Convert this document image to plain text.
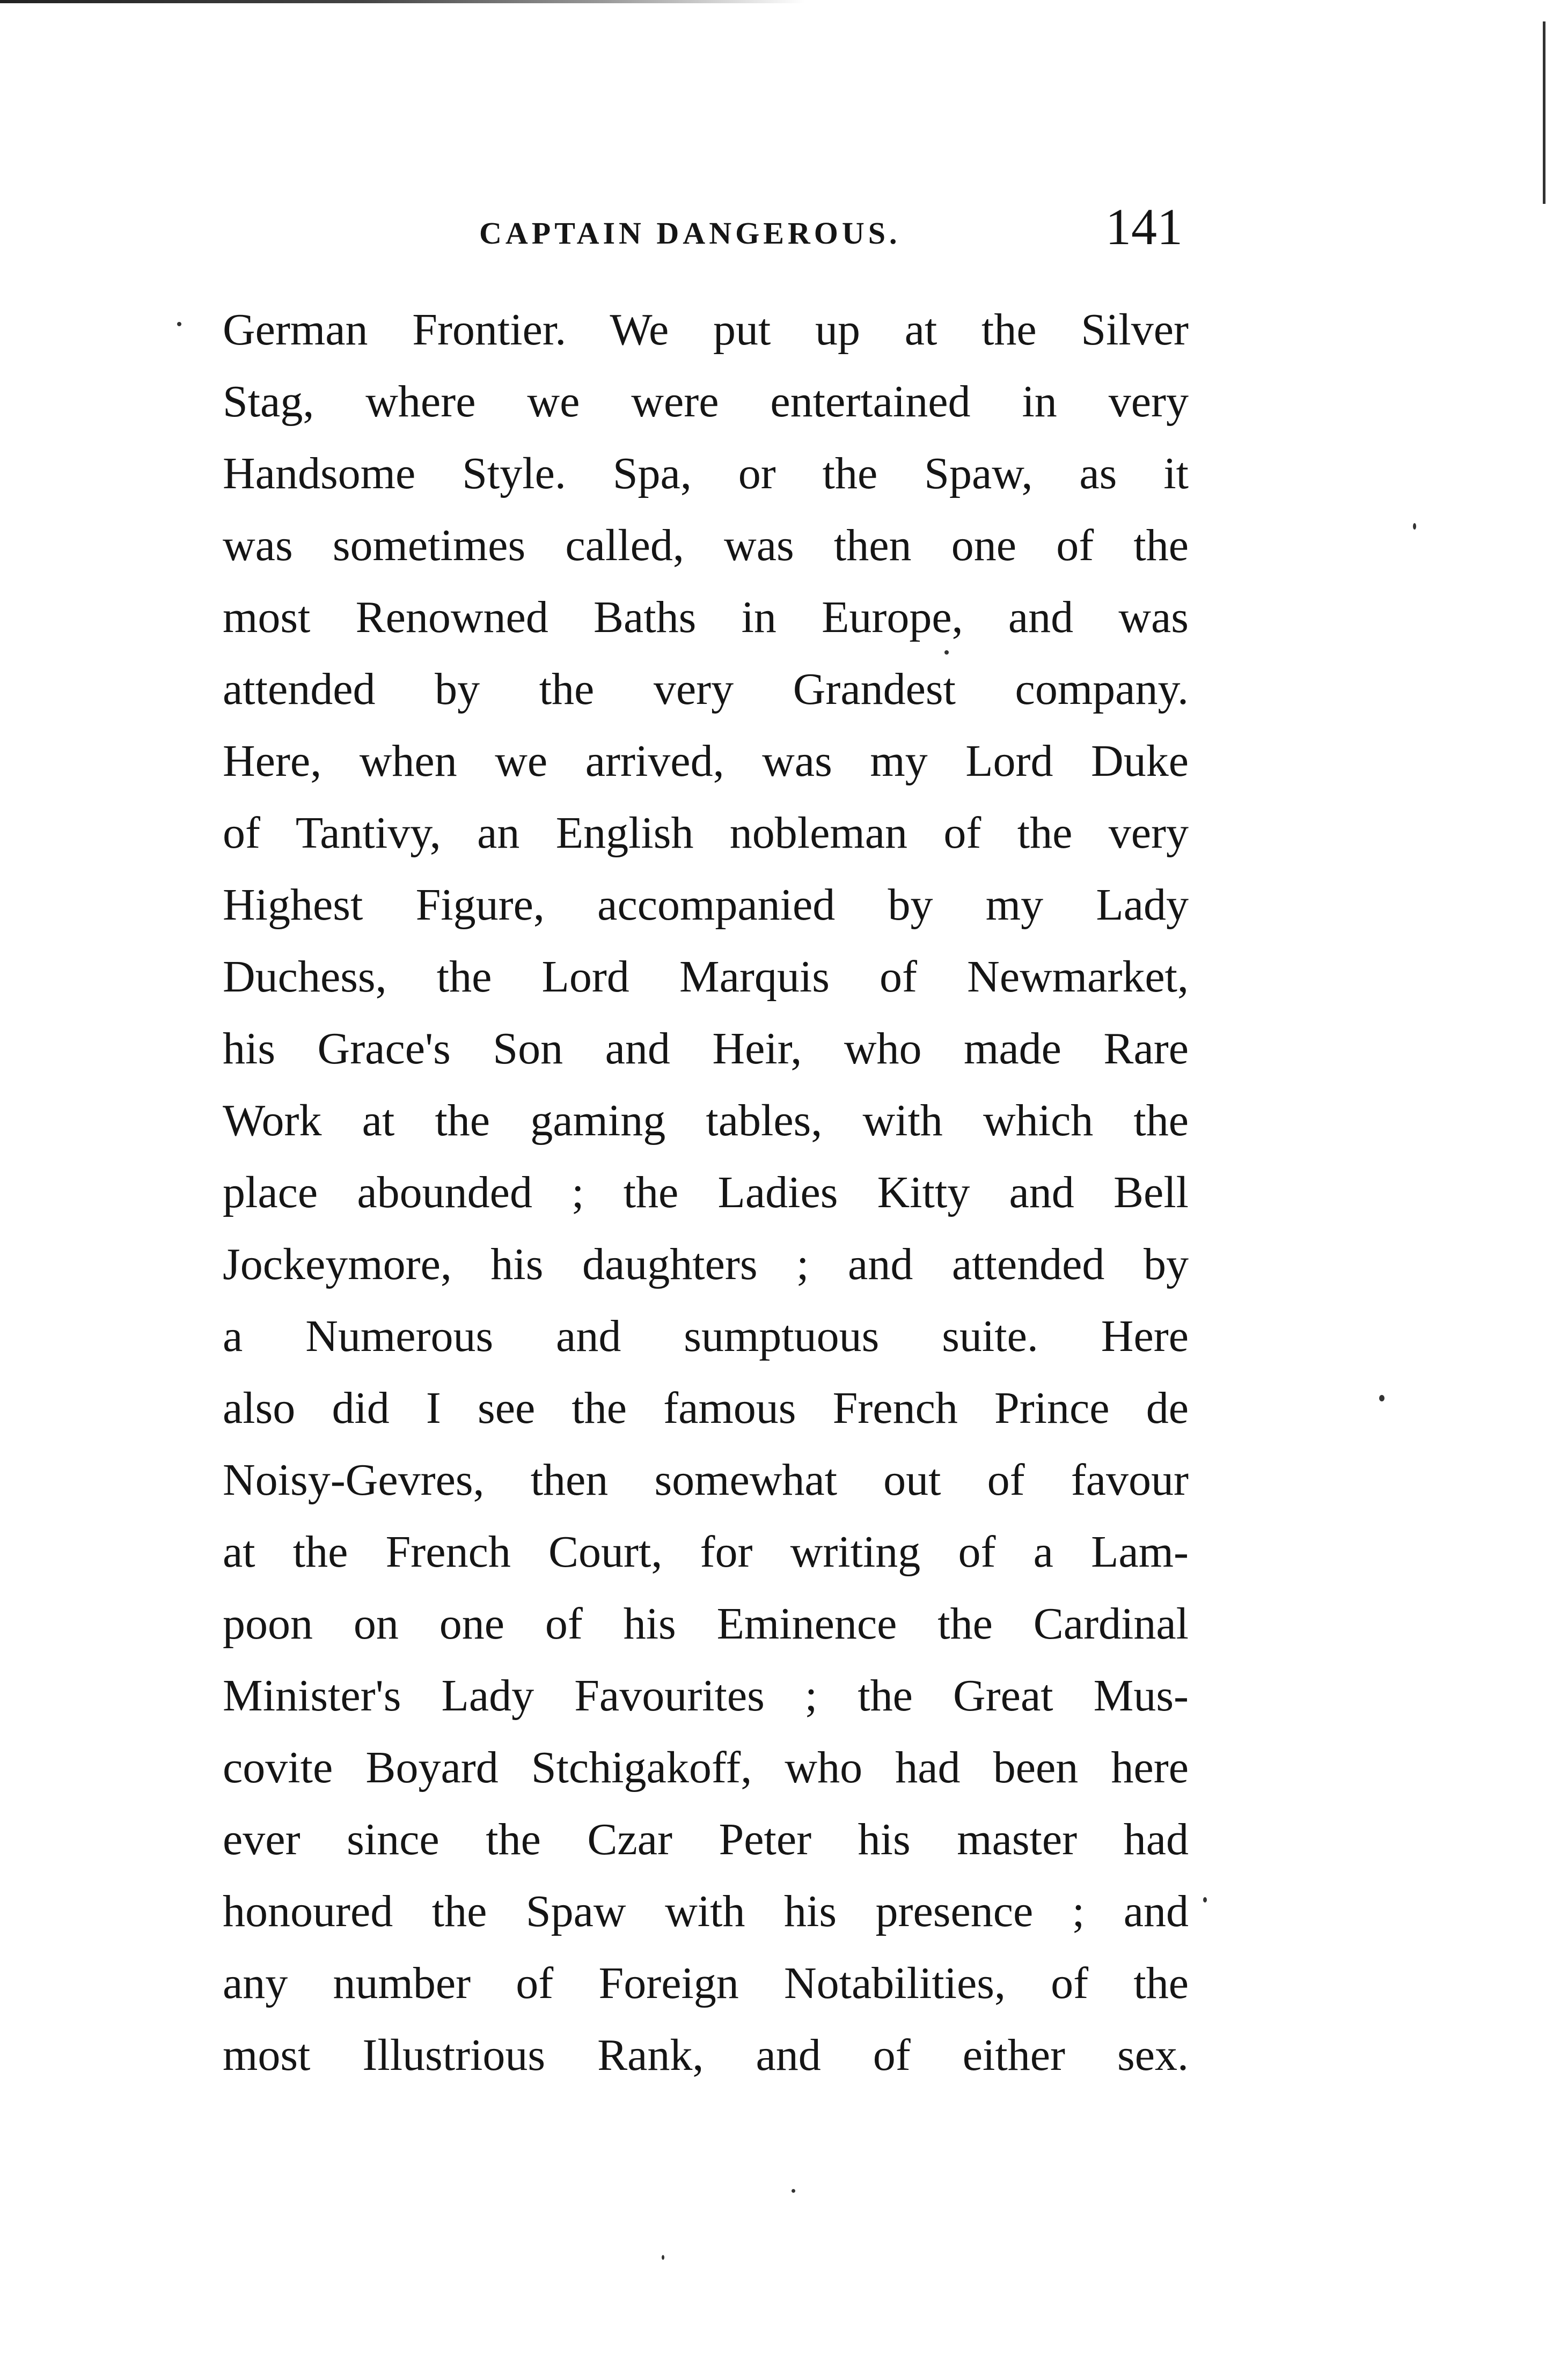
CAPTAIN DANGEROUS.	141
German Frontier. We put up at the Silver
Stag, where we were entertained in very
Handsome Style. Spa, or the Spaw, as it
was sometimes called, was then one of the
most Renowned Baths in Europe, and was
attended by the very Grandest company.
Here, when we arrived, was my Lord Duke
of Tantivy, an English nobleman of the very
Highest Figure, accompanied by my Lady
Duchess, the Lord Marquis of Newmarket,
his Grace's Son and Heir, who made Rare
Work at the gaming tables, with which the
place abounded ; the Ladies Kitty and Bell
Jockeymore, his daughters ; and attended by
a Numerous and sumptuous suite. Here
also did I see the famous French Prince de
Noisy-Gevres, then somewhat out of favour
at the French Court, for writing of a Lam-
poon on one of his Eminence the Cardinal
Minister's Lady Favourites ; the Great Mus-
covite Boyard Stchigakoff, who had been here
ever since the Czar Peter his master had
honoured the Spaw with his presence ; and
any number of Foreign Notabilities, of the
most Illustrious Rank, and of either sex.
